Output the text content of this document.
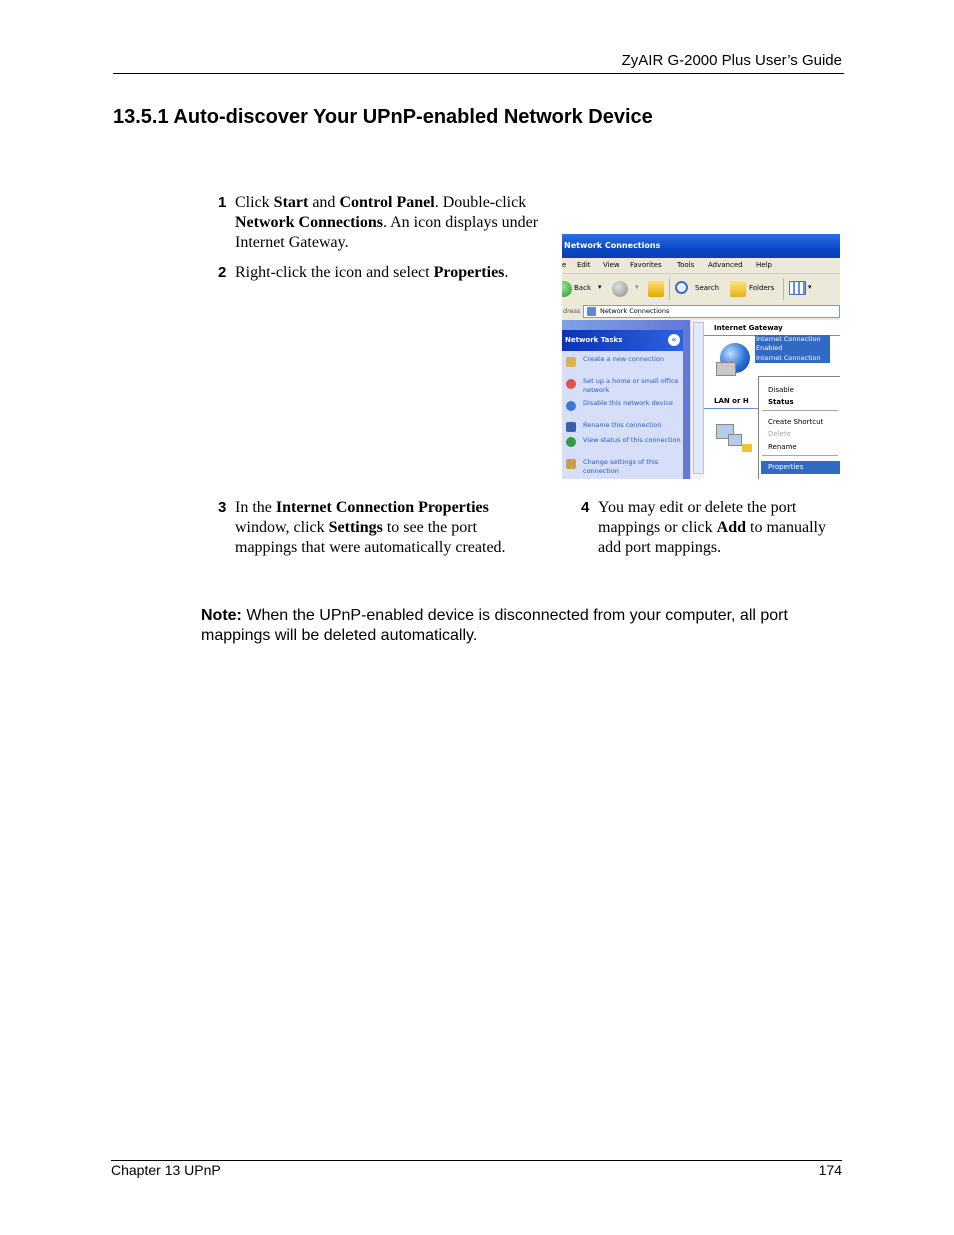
ZyAIR G-2000 Plus User’s Guide
13.5.1 Auto-discover Your UPnP-enabled Network Device
1 Click Start and Control Panel. Double-click
Network Connections. An icon displays under Internet Gateway.
2 Right-click the icon and select Properties.
Network Connections
e Edit View Favorites Tools Advanced Help
Back ▾	▾	Search	Folders	▾
dress	Network Connections
Network Tasks	«
Create a new connection
Set up a home or small office network
Disable this network device
Rename this connection
View status of this connection
Change settings of this connection
Internet Gateway
Internet Connection
Enabled
Internet Connection
LAN or H
Disable
Status
Create Shortcut
Delete
Rename
Properties
3 In the Internet Connection Properties
window, click Settings to see the port mappings that were automatically created.
4 You may edit or delete the port mappings or click Add to manually add port mappings.
Note: When the UPnP-enabled device is disconnected from your computer, all port mappings will be deleted automatically.
Chapter 13 UPnP	174
